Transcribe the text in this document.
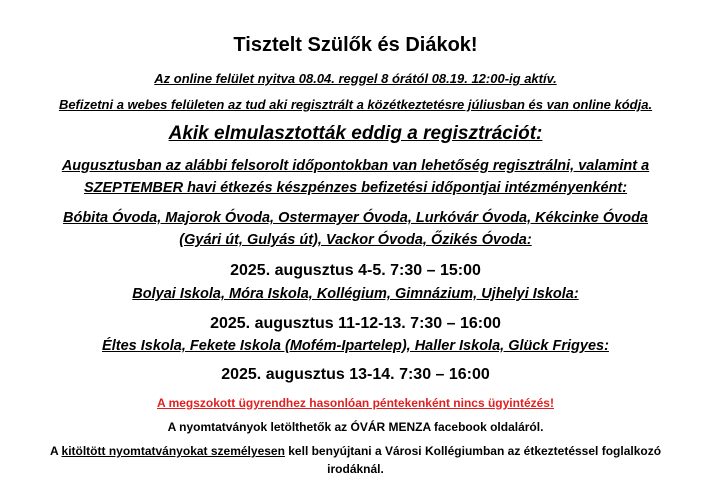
Tisztelt Szülők és Diákok!
Az online felület nyitva 08.04. reggel 8 órától 08.19. 12:00-ig aktív.
Befizetni a webes felületen az tud aki regisztrált a közétkeztetésre júliusban és van online kódja.
Akik elmulasztották eddig a regisztrációt:
Augusztusban az alábbi felsorolt időpontokban van lehetőség regisztrálni, valamint a
SZEPTEMBER havi étkezés készpénzes befizetési időpontjai intézményenként:
Bóbita Óvoda, Majorok Óvoda, Ostermayer Óvoda, Lurkóvár Óvoda, Kékcinke Óvoda
(Gyári út, Gulyás út), Vackor Óvoda, Őzikés Óvoda:
2025. augusztus 4-5. 7:30 – 15:00
Bolyai Iskola, Móra Iskola, Kollégium, Gimnázium, Ujhelyi Iskola:
2025. augusztus 11-12-13. 7:30 – 16:00
Éltes Iskola, Fekete Iskola (Mofém-Ipartelep), Haller Iskola, Glück Frigyes:
2025. augusztus 13-14. 7:30 – 16:00
A megszokott ügyrendhez hasonlóan péntekenként nincs ügyintézés!
A nyomtatványok letölthetők az ÓVÁR MENZA facebook oldaláról.
A kitöltött nyomtatványokat személyesen kell benyújtani a Városi Kollégiumban az étkeztetéssel foglalkozó
irodáknál.
